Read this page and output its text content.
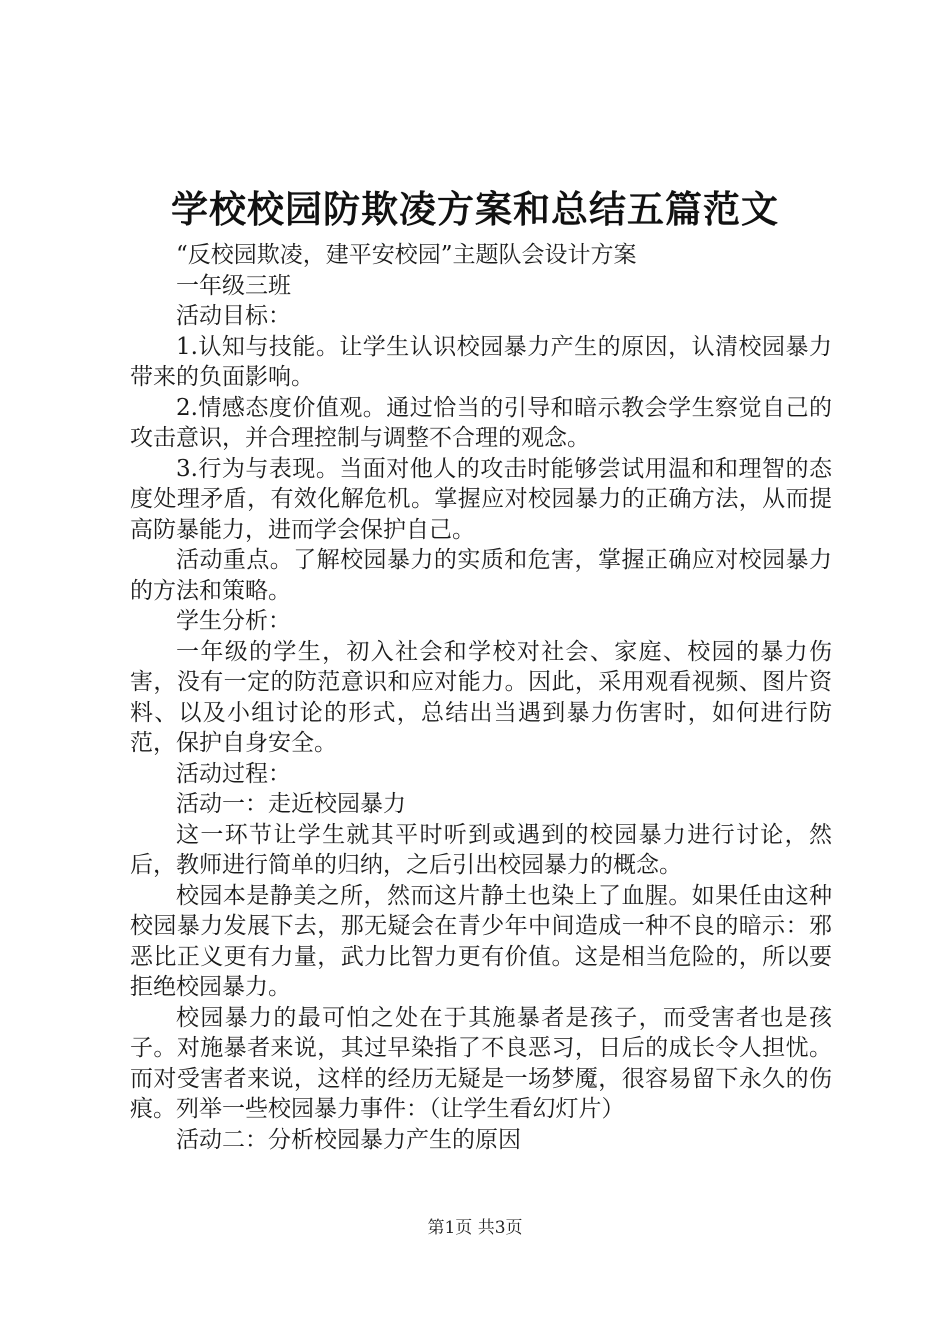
学校校园防欺凌方案和总结五篇范文

“反校园欺凌，建平安校园”主题队会设计方案

一年级三班

活动目标：

1.认知与技能。让学生认识校园暴力产生的原因，认清校园暴力带来的负面影响。

2.情感态度价值观。通过恰当的引导和暗示教会学生察觉自己的攻击意识，并合理控制与调整不合理的观念。

3.行为与表现。当面对他人的攻击时能够尝试用温和和理智的态度处理矛盾，有效化解危机。掌握应对校园暴力的正确方法，从而提高防暴能力，进而学会保护自己。

活动重点。了解校园暴力的实质和危害，掌握正确应对校园暴力的方法和策略。

学生分析：

一年级的学生，初入社会和学校对社会、家庭、校园的暴力伤害，没有一定的防范意识和应对能力。因此，采用观看视频、图片资料、以及小组讨论的形式，总结出当遇到暴力伤害时，如何进行防范，保护自身安全。

活动过程：

活动一：走近校园暴力

这一环节让学生就其平时听到或遇到的校园暴力进行讨论，然后，教师进行简单的归纳，之后引出校园暴力的概念。

校园本是静美之所，然而这片静土也染上了血腥。如果任由这种校园暴力发展下去，那无疑会在青少年中间造成一种不良的暗示：邪恶比正义更有力量，武力比智力更有价值。这是相当危险的，所以要拒绝校园暴力。

校园暴力的最可怕之处在于其施暴者是孩子，而受害者也是孩子。对施暴者来说，其过早染指了不良恶习，日后的成长令人担忧。而对受害者来说，这样的经历无疑是一场梦魇，很容易留下永久的伤痕。列举一些校园暴力事件：（让学生看幻灯片）

活动二：分析校园暴力产生的原因

第1页 共3页
